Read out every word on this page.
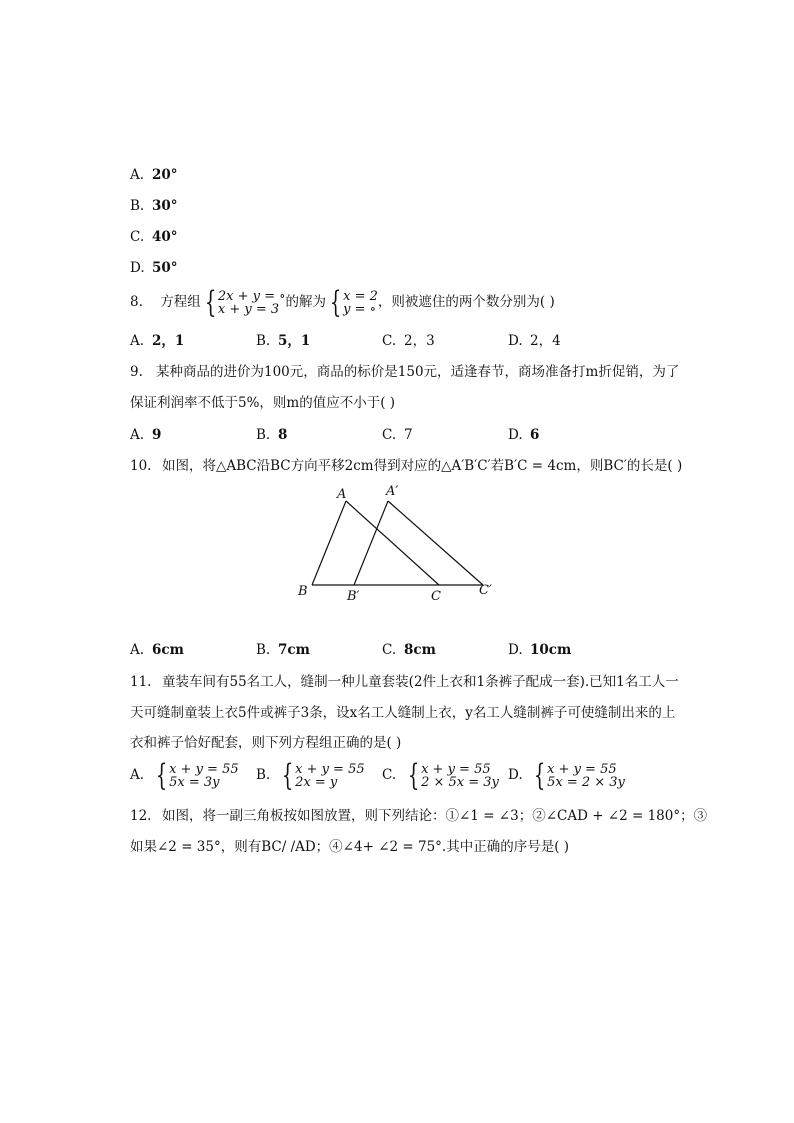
A. 20°
B. 30°
C. 40°
D. 50°
8. 方程组 { 2x + y = ∘
x + y = 3 的解为 { x = 2
y = ∘ ，则被遮住的两个数分别为( )
A. 2，1	B. 5，1	C. 2，3	D. 2，4
9. 某种商品的进价为100元，商品的标价是150元，适逢春节，商场准备打m折促销，为了
保证利润率不低于5%，则m的值应不小于( )
A. 9	B. 8	C. 7	D. 6
10. 如图，将△ABC沿BC方向平移2cm得到对应的△A′B′C′若B′C = 4cm，则BC′的长是( )
A	A′
B	B′	C	C′
A. 6cm	B. 7cm	C. 8cm	D. 10cm
11. 童装车间有55名工人，缝制一种儿童套装(2件上衣和1条裤子配成一套).已知1名工人一
天可缝制童装上衣5件或裤子3条，设x名工人缝制上衣，y名工人缝制裤子可使缝制出来的上
衣和裤子恰好配套，则下列方程组正确的是( )
A. { x + y = 55
5x = 3y	B. { x + y = 55
2x = y	C. { x + y = 55
2 × 5x = 3y D. { x + y = 55
5x = 2 × 3y
12. 如图，将一副三角板按如图放置，则下列结论：①∠1 = ∠3；②∠CAD + ∠2 = 180°；③
如果∠2 = 35°，则有BC/ /AD；④∠4+ ∠2 = 75°.其中正确的序号是( )
